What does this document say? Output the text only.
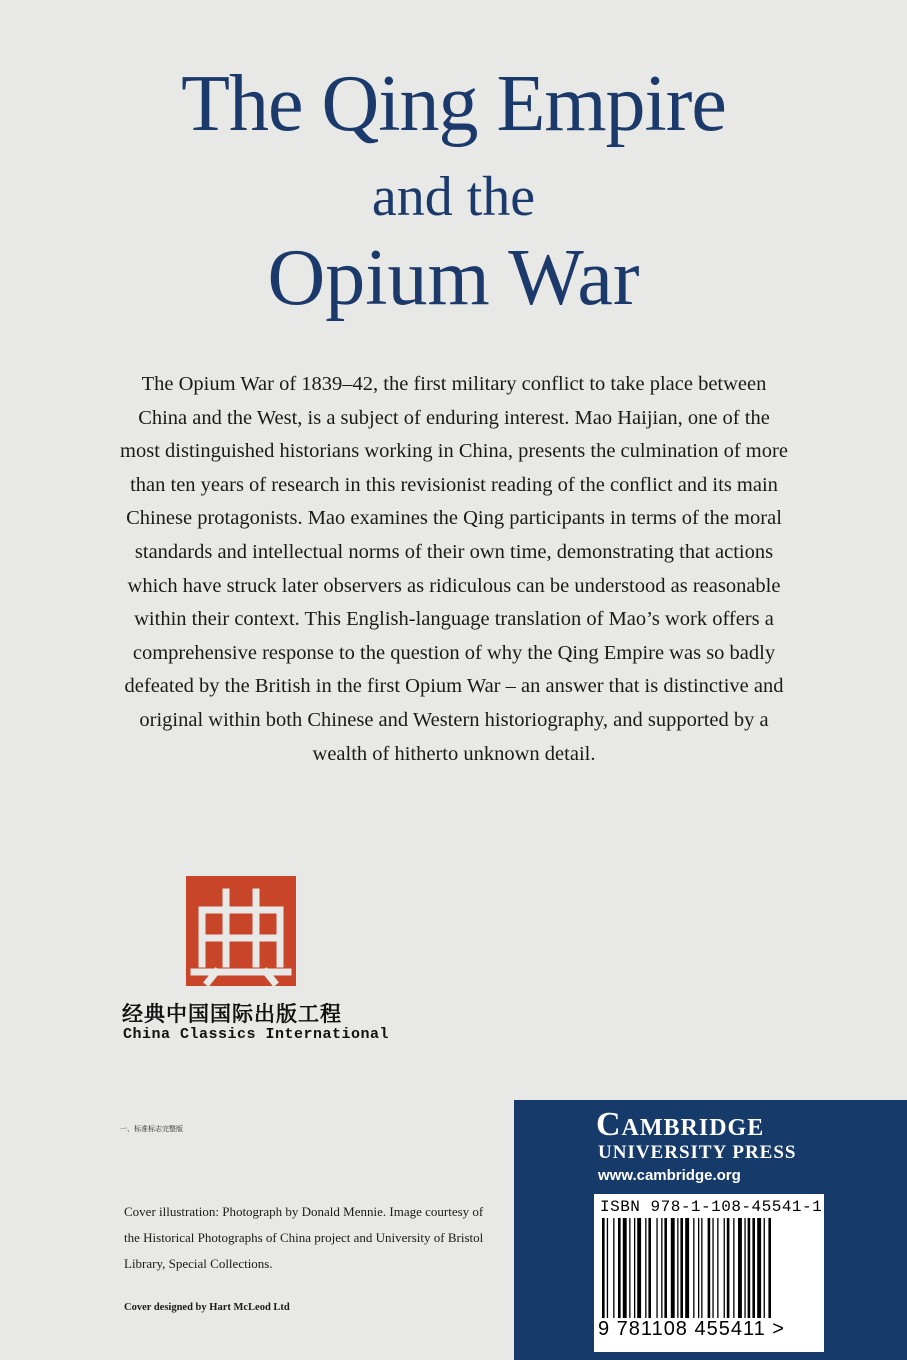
The Qing Empire
and the
Opium War

The Opium War of 1839–42, the first military conflict to take place between China and the West, is a subject of enduring interest. Mao Haijian, one of the most distinguished historians working in China, presents the culmination of more than ten years of research in this revisionist reading of the conflict and its main Chinese protagonists. Mao examines the Qing participants in terms of the moral standards and intellectual norms of their own time, demonstrating that actions which have struck later observers as ridiculous can be understood as reasonable within their context. This English-language translation of Mao’s work offers a comprehensive response to the question of why the Qing Empire was so badly defeated by the British in the first Opium War – an answer that is distinctive and original within both Chinese and Western historiography, and supported by a wealth of hitherto unknown detail.

经典中国国际出版工程
China Classics International
一、标准标志完整版

Cover illustration: Photograph by Donald Mennie. Image courtesy of the Historical Photographs of China project and University of Bristol Library, Special Collections.

Cover designed by Hart McLeod Ltd
Cambridge
UNIVERSITY PRESS
www.cambridge.org
ISBN 978-1-108-45541-1
9 781108 455411 >
